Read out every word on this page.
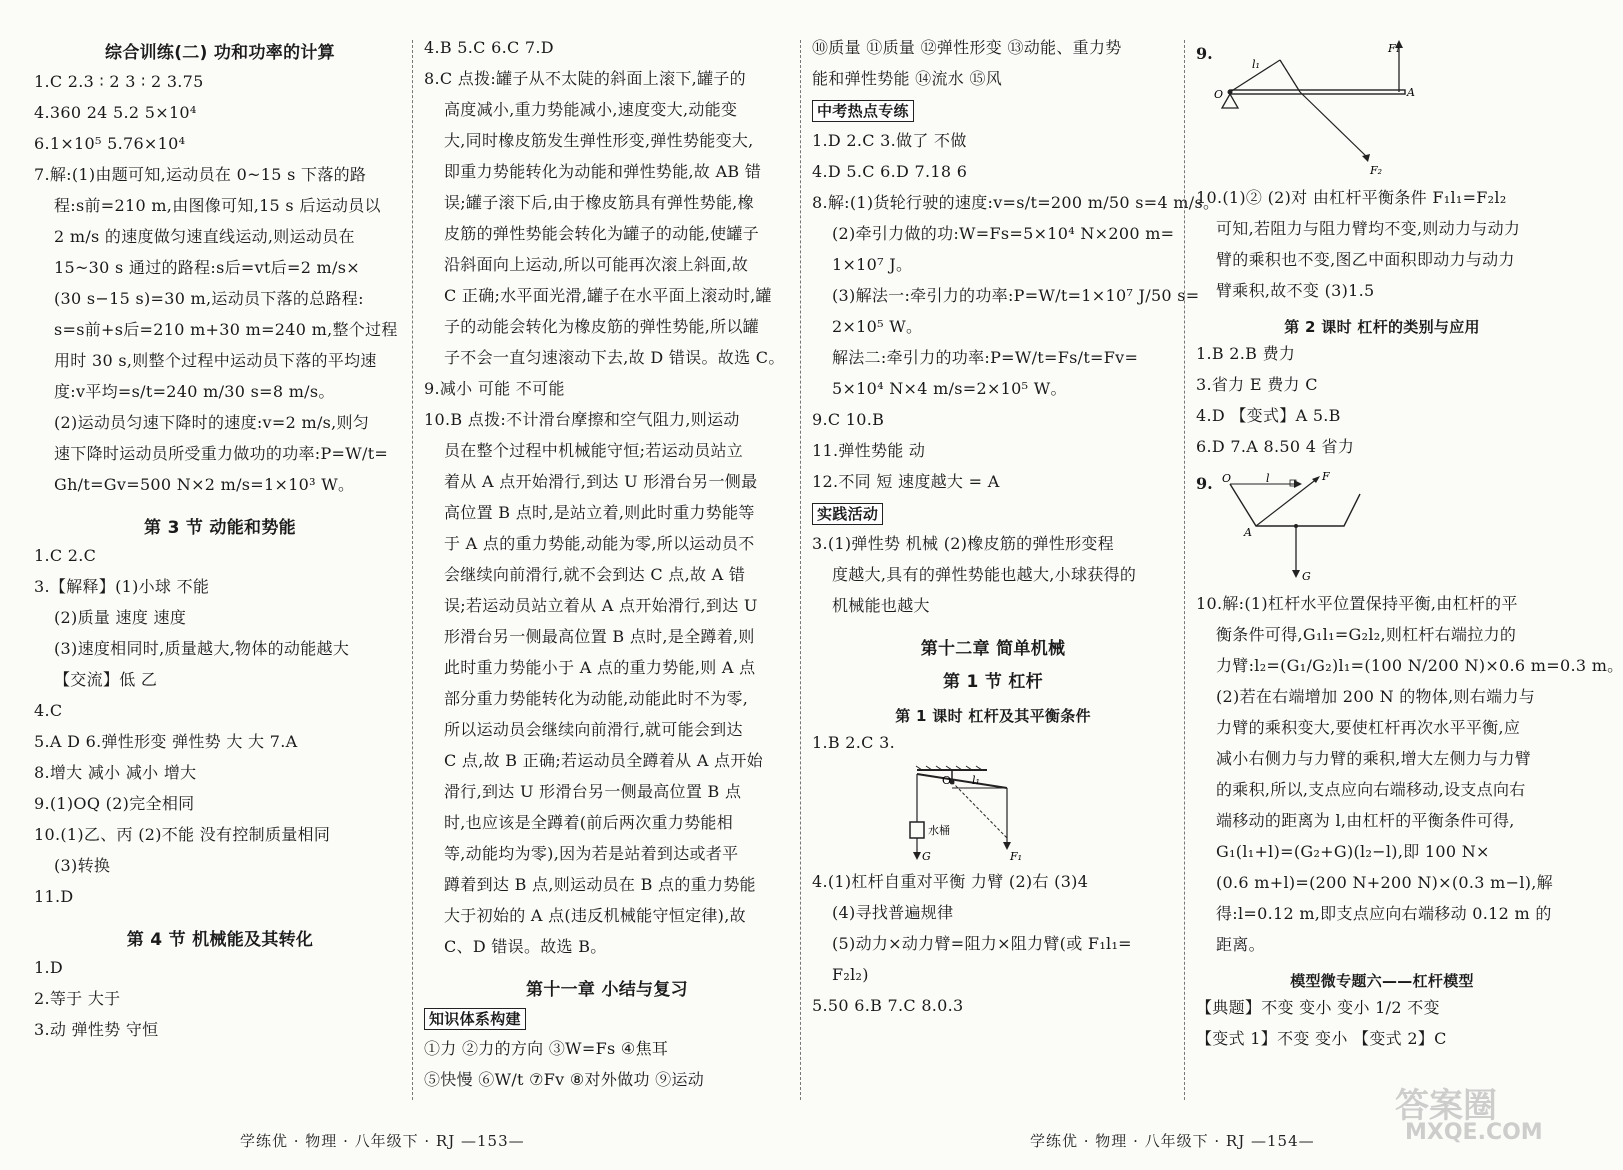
综合训练(二) 功和功率的计算
1.C 2.3 ∶ 2 3 ∶ 2 3.75
4.360 24 5.2 5×10⁴
6.1×10⁵ 5.76×10⁴
7.解:(1)由题可知,运动员在 0~15 s 下落的路
程:s前=210 m,由图像可知,15 s 后运动员以
2 m/s 的速度做匀速直线运动,则运动员在
15~30 s 通过的路程:s后=vt后=2 m/s×
(30 s−15 s)=30 m,运动员下落的总路程:
s=s前+s后=210 m+30 m=240 m,整个过程
用时 30 s,则整个过程中运动员下落的平均速
度:v平均=s/t=240 m/30 s=8 m/s。
(2)运动员匀速下降时的速度:v=2 m/s,则匀
速下降时运动员所受重力做功的功率:P=W/t=
Gh/t=Gv=500 N×2 m/s=1×10³ W。
第 3 节 动能和势能
1.C 2.C
3.【解释】(1)小球 不能
(2)质量 速度 速度
(3)速度相同时,质量越大,物体的动能越大
【交流】低 乙
4.C
5.A D 6.弹性形变 弹性势 大 大 7.A
8.增大 减小 减小 增大
9.(1)OQ (2)完全相同
10.(1)乙、丙 (2)不能 没有控制质量相同
(3)转换
11.D
第 4 节 机械能及其转化
1.D
2.等于 大于
3.动 弹性势 守恒
4.B 5.C 6.C 7.D
8.C 点拨:罐子从不太陡的斜面上滚下,罐子的
高度减小,重力势能减小,速度变大,动能变
大,同时橡皮筋发生弹性形变,弹性势能变大,
即重力势能转化为动能和弹性势能,故 AB 错
误;罐子滚下后,由于橡皮筋具有弹性势能,橡
皮筋的弹性势能会转化为罐子的动能,使罐子
沿斜面向上运动,所以可能再次滚上斜面,故
C 正确;水平面光滑,罐子在水平面上滚动时,罐
子的动能会转化为橡皮筋的弹性势能,所以罐
子不会一直匀速滚动下去,故 D 错误。故选 C。
9.减小 可能 不可能
10.B 点拨:不计滑台摩擦和空气阻力,则运动
员在整个过程中机械能守恒;若运动员站立
着从 A 点开始滑行,到达 U 形滑台另一侧最
高位置 B 点时,是站立着,则此时重力势能等
于 A 点的重力势能,动能为零,所以运动员不
会继续向前滑行,就不会到达 C 点,故 A 错
误;若运动员站立着从 A 点开始滑行,到达 U
形滑台另一侧最高位置 B 点时,是全蹲着,则
此时重力势能小于 A 点的重力势能,则 A 点
部分重力势能转化为动能,动能此时不为零,
所以运动员会继续向前滑行,就可能会到达
C 点,故 B 正确;若运动员全蹲着从 A 点开始
滑行,到达 U 形滑台另一侧最高位置 B 点
时,也应该是全蹲着(前后两次重力势能相
等,动能均为零),因为若是站着到达或者平
蹲着到达 B 点,则运动员在 B 点的重力势能
大于初始的 A 点(违反机械能守恒定律),故
C、D 错误。故选 B。
第十一章 小结与复习
知识体系构建
①力 ②力的方向 ③W=Fs ④焦耳
⑤快慢 ⑥W/t ⑦Fv ⑧对外做功 ⑨运动
⑩质量 ⑪质量 ⑫弹性形变 ⑬动能、重力势
能和弹性势能 ⑭流水 ⑮风
中考热点专练
1.D 2.C 3.做了 不做
4.D 5.C 6.D 7.18 6
8.解:(1)货轮行驶的速度:v=s/t=200 m/50 s=4 m/s。
(2)牵引力做的功:W=Fs=5×10⁴ N×200 m=
1×10⁷ J。
(3)解法一:牵引力的功率:P=W/t=1×10⁷ J/50 s=
2×10⁵ W。
解法二:牵引力的功率:P=W/t=Fs/t=Fv=
5×10⁴ N×4 m/s=2×10⁵ W。
9.C 10.B
11.弹性势能 动
12.不同 短 速度越大 = A
实践活动
3.(1)弹性势 机械 (2)橡皮筋的弹性形变程
度越大,具有的弹性势能也越大,小球获得的
机械能也越大
第十二章 简单机械
第 1 节 杠杆
第 1 课时 杠杆及其平衡条件
1.B 2.C 3.
O l₁
水桶
G	F₁
4.(1)杠杆自重对平衡 力臂 (2)右 (3)4
(4)寻找普遍规律
(5)动力×动力臂=阻力×阻力臂(或 F₁l₁=
F₂l₂)
5.50 6.B 7.C 8.0.3
9.
O
l₁
A
F₁
F₂
10.(1)② (2)对 由杠杆平衡条件 F₁l₁=F₂l₂
可知,若阻力与阻力臂均不变,则动力与动力
臂的乘积也不变,图乙中面积即动力与动力
臂乘积,故不变 (3)1.5
第 2 课时 杠杆的类别与应用
1.B 2.B 费力
3.省力 E 费力 C
4.D 【变式】A 5.B
6.D 7.A 8.50 4 省力
9. O	l	F
A
G
10.解:(1)杠杆水平位置保持平衡,由杠杆的平
衡条件可得,G₁l₁=G₂l₂,则杠杆右端拉力的
力臂:l₂=(G₁/G₂)l₁=(100 N/200 N)×0.6 m=0.3 m。
(2)若在右端增加 200 N 的物体,则右端力与
力臂的乘积变大,要使杠杆再次水平平衡,应
减小右侧力与力臂的乘积,增大左侧力与力臂
的乘积,所以,支点应向右端移动,设支点向右
端移动的距离为 l,由杠杆的平衡条件可得,
G₁(l₁+l)=(G₂+G)(l₂−l),即 100 N×
(0.6 m+l)=(200 N+200 N)×(0.3 m−l),解
得:l=0.12 m,即支点应向右端移动 0.12 m 的
距离。
模型微专题六——杠杆模型
【典题】不变 变小 变小 1/2 不变
【变式 1】不变 变小 【变式 2】C
学练优 · 物理 · 八年级下 · RJ —153—	学练优 · 物理 · 八年级下 · RJ —154—
答案圈
MXQE.COM
